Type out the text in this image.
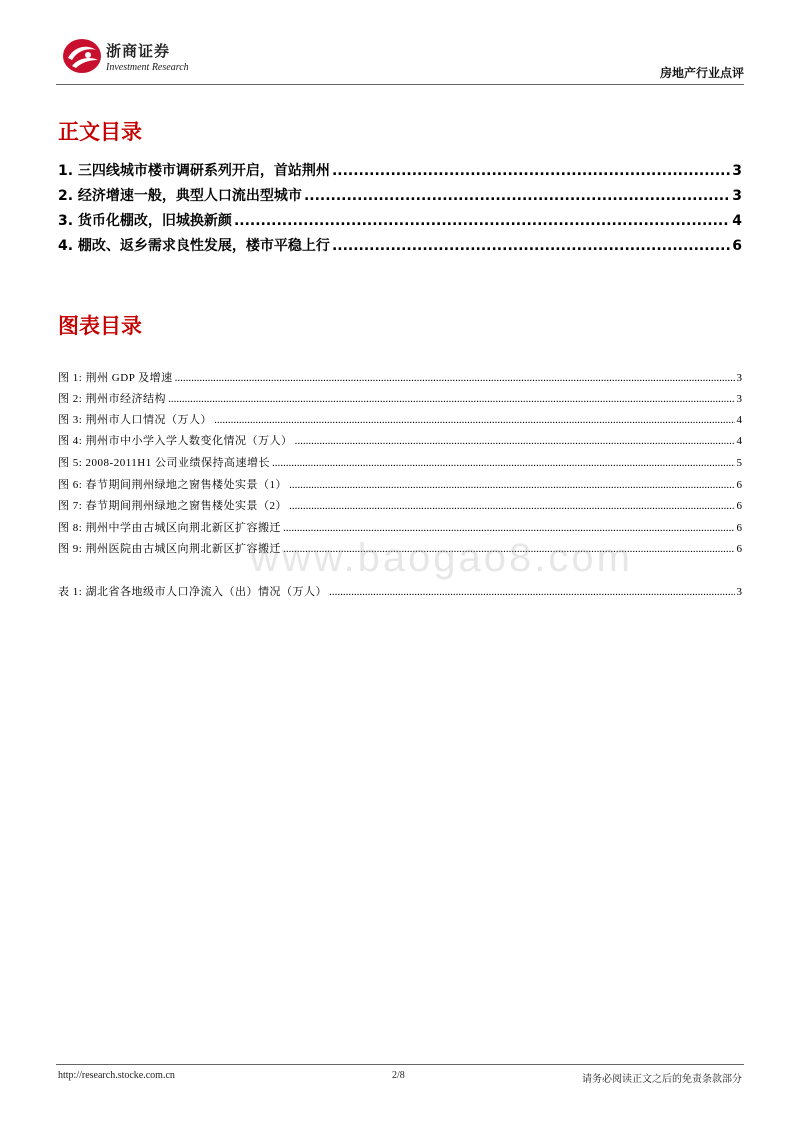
浙商证券
Investment Research	房地产行业点评
正文目录
1. 三四线城市楼市调研系列开启，首站荆州 .....	3
2. 经济增速一般，典型人口流出型城市 .....	3
3. 货币化棚改，旧城换新颜 .....	4
4. 棚改、返乡需求良性发展，楼市平稳上行 .....	6
图表目录
图 1: 荆州 GDP 及增速 .....	3
图 2: 荆州市经济结构 .....	3
图 3: 荆州市人口情况（万人） .....	4
图 4: 荆州市中小学入学人数变化情况（万人） .....	4
图 5: 2008-2011H1 公司业绩保持高速增长 .....	5
图 6: 春节期间荆州绿地之窗售楼处实景（1） .....	6
图 7: 春节期间荆州绿地之窗售楼处实景（2） .....	6
图 8: 荆州中学由古城区向荆北新区扩容搬迁 .....	6
图 9: 荆州医院由古城区向荆北新区扩容搬迁 .....	6
表 1: 湖北省各地级市人口净流入（出）情况（万人） .....	3
www.baogao8.com
http://research.stocke.com.cn	2/8	请务必阅读正文之后的免责条款部分
